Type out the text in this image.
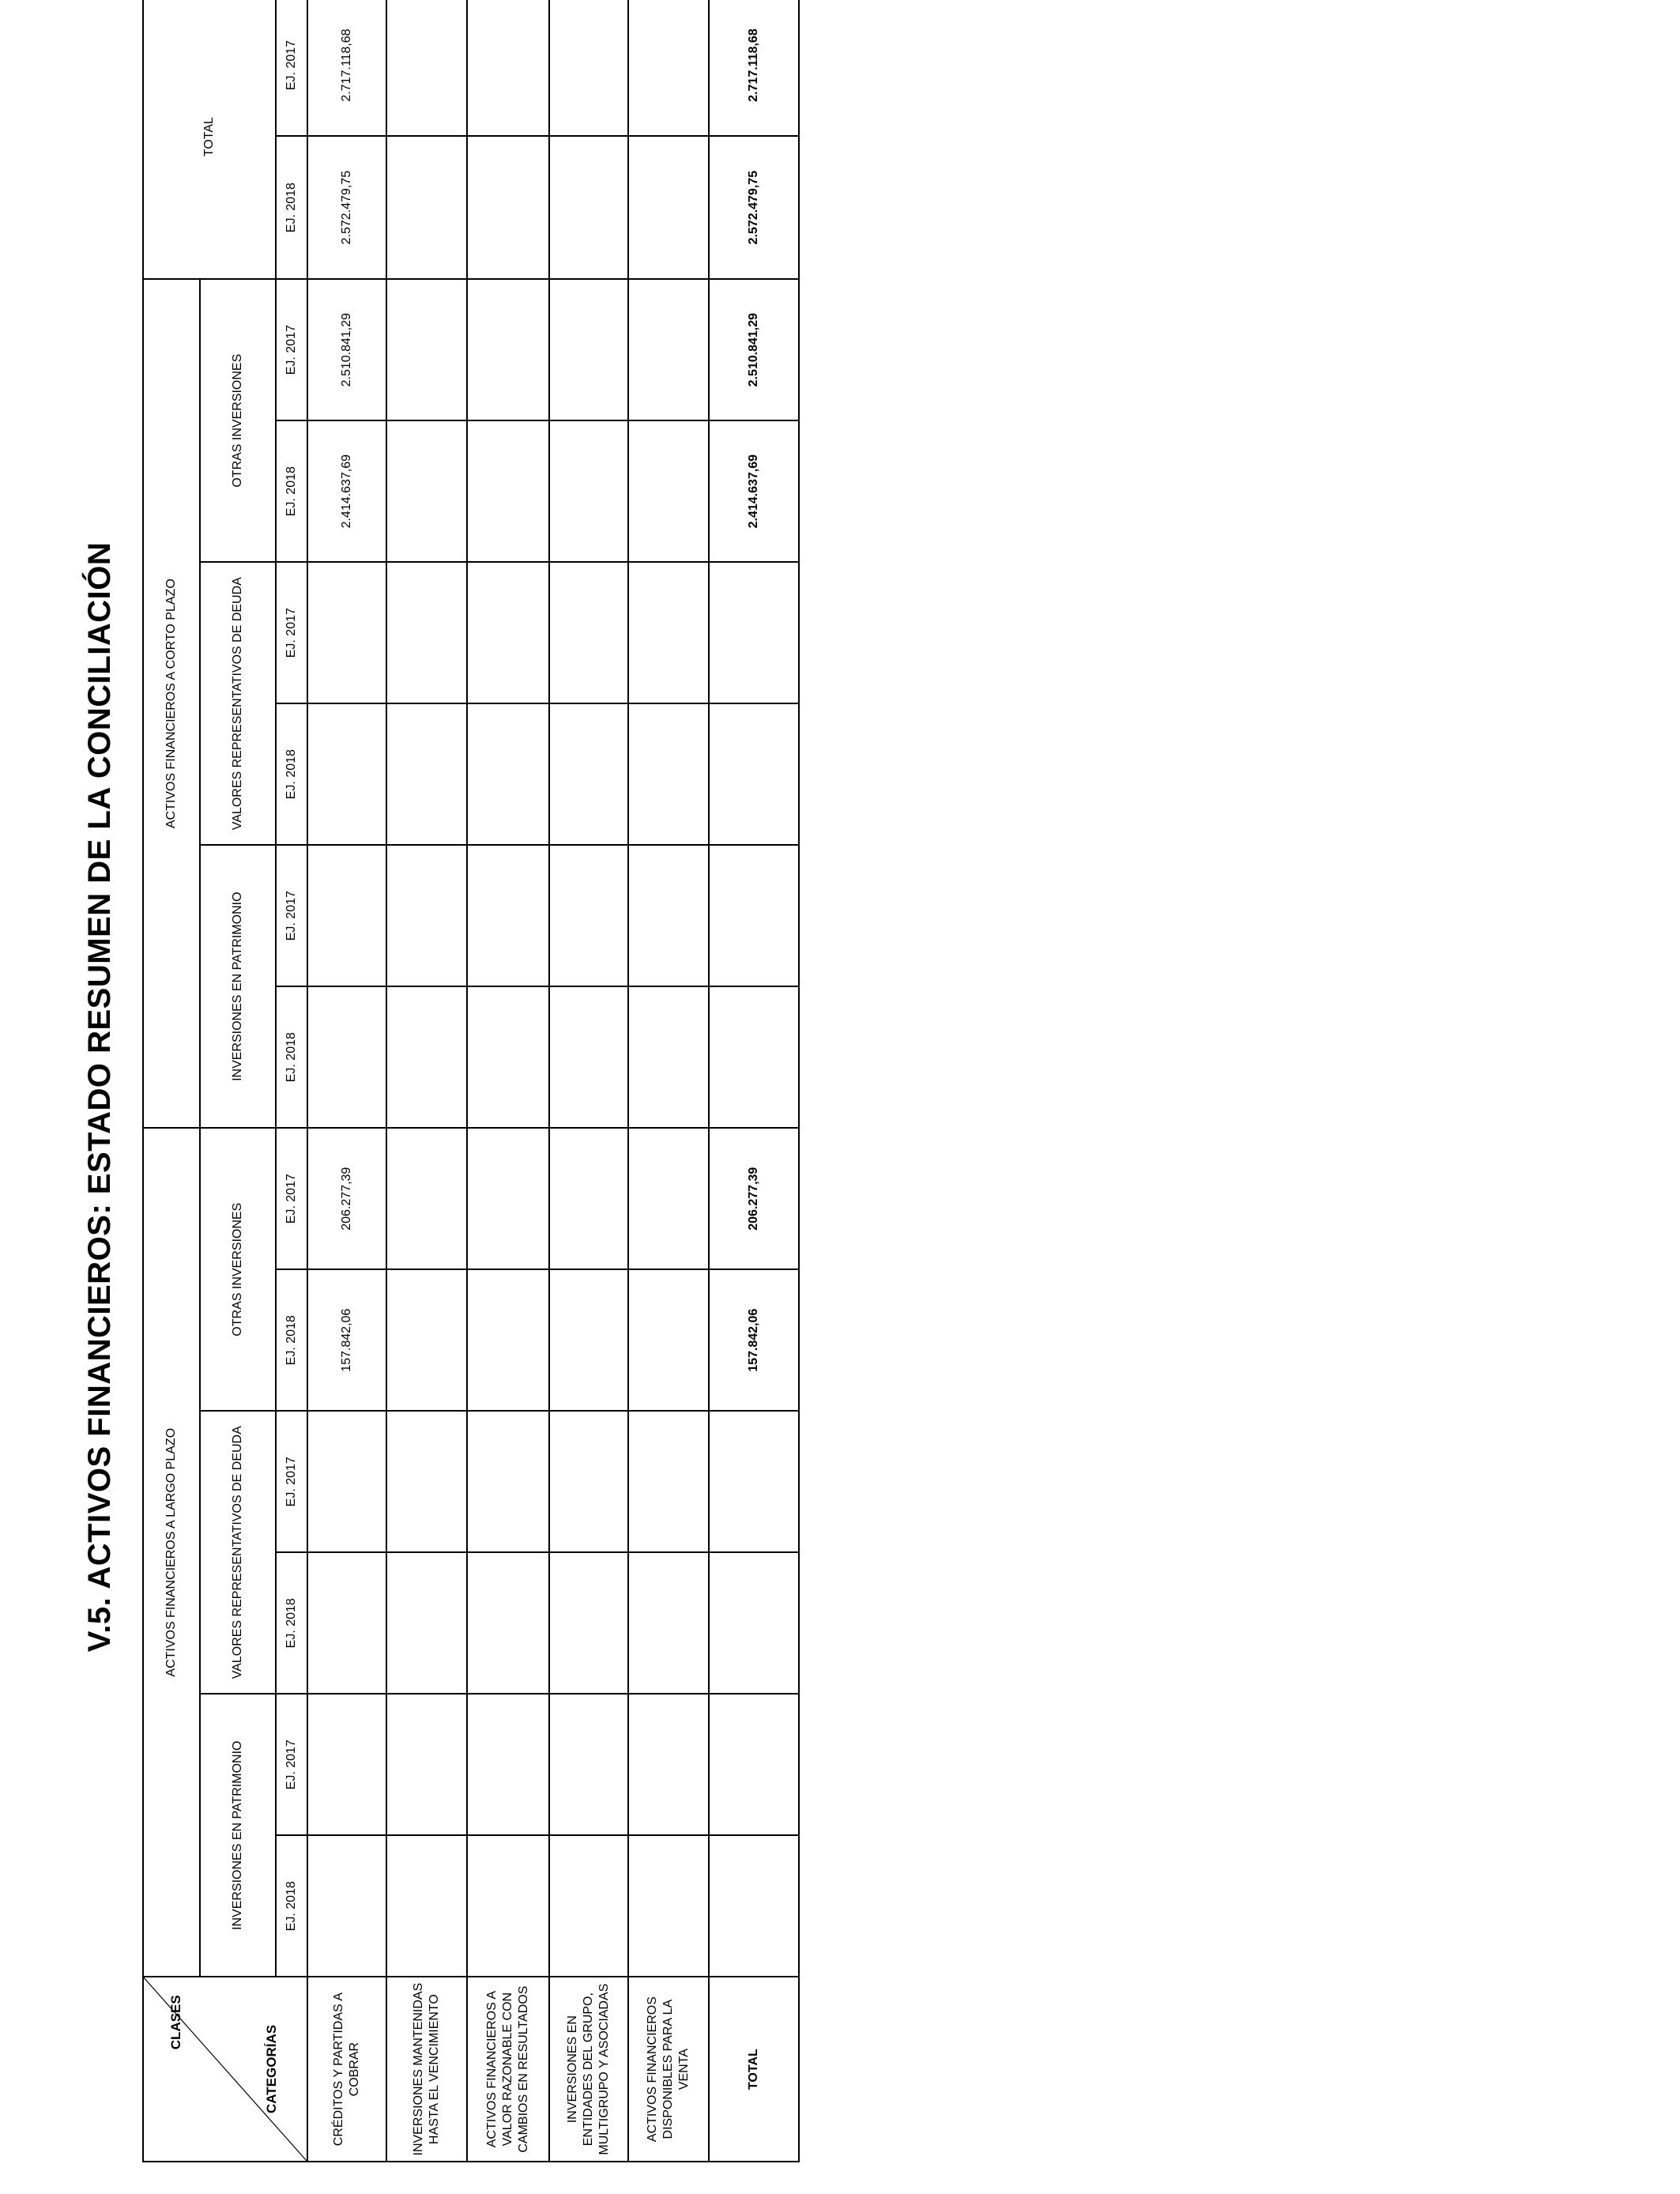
V.5. ACTIVOS FINANCIEROS: ESTADO RESUMEN DE LA CONCILIACIÓN
CLASES
CATEGORÍAS	ACTIVOS FINANCIEROS A LARGO PLAZO						ACTIVOS FINANCIEROS A CORTO PLAZO						TOTAL	
	INVERSIONES EN PATRIMONIO		VALORES REPRESENTATIVOS DE DEUDA		OTRAS INVERSIONES		INVERSIONES EN PATRIMONIO		VALORES REPRESENTATIVOS DE DEUDA		OTRAS INVERSIONES			
	EJ. 2018	EJ. 2017	EJ. 2018	EJ. 2017	EJ. 2018	EJ. 2017	EJ. 2018	EJ. 2017	EJ. 2018	EJ. 2017	EJ. 2018	EJ. 2017	EJ. 2018	EJ. 2017
CRÉDITOS Y PARTIDAS A COBRAR					157.842,06	206.277,39					2.414.637,69	2.510.841,29	2.572.479,75	2.717.118,68
INVERSIONES MANTENIDAS HASTA EL VENCIMIENTO														
ACTIVOS FINANCIEROS A VALOR RAZONABLE CON CAMBIOS EN RESULTADOS														
INVERSIONES EN ENTIDADES DEL GRUPO, MULTIGRUPO Y ASOCIADAS														
ACTIVOS FINANCIEROS DISPONIBLES PARA LA VENTA														
TOTAL					157.842,06	206.277,39					2.414.637,69	2.510.841,29	2.572.479,75	2.717.118,68
